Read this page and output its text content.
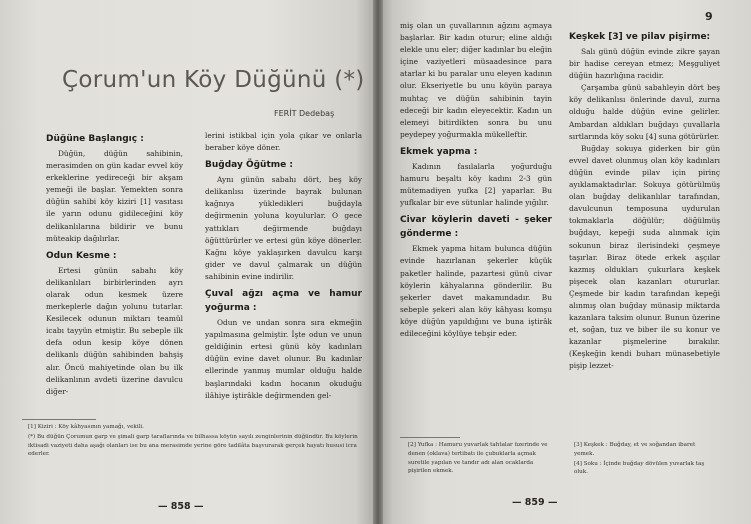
Çorum'un Köy Düğünü (*)
FERİT Dedebaş
Düğüne Başlangıç :

Düğün, düğün sahibinin, merasimden on gün kadar evvel köy erkeklerine yedireceği bir akşam yemeği ile başlar. Yemekten sonra düğün sahibi köy kiziri [1] vasıtası ile yarın odunu gidileceğini köy delikanlılarına bildirir ve bunu müteakip dağılırlar.

Odun Kesme :

Ertesi günün sabahı köy delikanlıları birbirlerinden ayrı olarak odun kesmek üzere merkeplerle dağın yolunu tutarlar. Kesilecek odunun miktarı teamül icabı tayyün etmiştir. Bu sebeple ilk defa odun kesip köye dönen delikanlı düğün sahibinden bahşiş alır. Öncü mahiyetinde olan bu ilk delikanlının avdeti üzerine davulcu diğer-

lerini istikbal için yola çıkar ve onlarla beraber köye döner.

Buğday Öğütme :

Aynı günün sabahı dört, beş köy delikanlısı üzerinde bayrak bulunan kağnıya yükledikleri buğdayla değirmenin yoluna koyulurlar. O gece yattıkları değirmende buğdayı öğüttürürler ve ertesi gün köye dönerler. Kağnı köye yaklaşırken davulcu karşı gider ve davul çalmarak un düğün sahibinin evine indirilir.

Çuval ağzı açma ve hamur yoğurma :

Odun ve undan sonra sıra ekmeğin yapılmasına gelmiştir. İşte odun ve unun geldiğinin ertesi günü köy kadınları düğün evine davet olunur. Bu kadınlar ellerinde yanmış mumlar olduğu halde başlarındaki kadın hocanın okuduğu ilâhiye iştirâkle değirmenden gel-

[1] Kiziri : Köy kâhyasının yamağı, vekili.

(*) Bu düğün Çorumun garp ve şimali garp taraflarında ve bilhassa köyün sayılı zenginlerinin düğündür. Bu köylerin iktisadi vaziyeti daha aşağı olanları ise bu ana merasimde yerine göre tadilâta başvurarak gerçek hayatı hususi icra ederler.

— 858 —
9

miş olan un çuvallarının ağzını açmaya başlarlar. Bir kadın oturur; eline aldığı elekle unu eler; diğer kadınlar bu eleğin içine vaziyetleri müsaadesince para atarlar ki bu paralar unu eleyen kadının olur. Ekseriyetle bu unu köyün paraya muhtaç ve düğün sahibinin tayin edeceği bir kadın eleyecektir. Kadın un elemeyi bitirdikten sonra bu unu peydepey yoğurmakla mükelleftir.

Ekmek yapma :

Kadının fasılalarla yoğurduğu hamuru beşaltı köy kadını 2-3 gün mütemadiyen yufka [2] yaparlar. Bu yufkalar bir eve sütunlar halinde yığılır.

Civar köylerin daveti - şeker gönderme :

Ekmek yapma hitam bulunca düğün evinde hazırlanan şekerler küçük paketler halinde, pazartesi günü civar köylerin kâhyalarına gönderilir. Bu şekerler davet makamındadır. Bu sebeple şekeri alan köy kâhyası komşu köye düğün yapıldığını ve buna iştirâk edileceğini köylüye tebşir eder.

Keşkek [3] ve pilav pişirme:

Salı günü düğün evinde zikre şayan bir hadise cereyan etmez; Meşguliyet düğün hazırlığına racidir.

Çarşamba günü sabahleyin dört beş köy delikanlısı önlerinde davul, zurna olduğu halde düğün evine gelirler. Ambardan aldıkları buğdayı çuvallarla sırtlarında köy soku [4] suna götürürler.

Buğday sokuya giderken bir gün evvel davet olunmuş olan köy kadınları düğün evinde pilav için pirinç ayıklamaktadırlar. Sokuya götürülmüş olan buğday delikanlılar tarafından, davulcunun temposuna uydurulan tokmaklarla döğülür; döğülmüş buğdayı, kepeği suda alınmak için sokunun biraz ilerisindeki çeşmeye taşırlar. Biraz ötede erkek aşçılar kazmış oldukları çukurlara keşkek pişecek olan kazanları otururlar. Çeşmede bir kadın tarafından kepeği alınmış olan buğday münasip miktarda kazanlara taksim olunur. Bunun üzerine et, soğan, tuz ve biber ile su konur ve kazanlar pişmelerine bırakılır. (Keşkeğin kendi buharı münasebetiyle pişip lezzet-

[2] Yufka : Hamuru yuvarlak tahtalar üzerinde ve denen (oklava) tertibatı ile çubuklarla açmak suretile yapılan ve tandır adı alan ocaklarda pişirilen ekmek.

[3] Keşkek : Buğday, et ve soğandan ibaret yemek.

[4] Soku : İçinde buğday dövülen yuvarlak taş oluk.

— 859 —
